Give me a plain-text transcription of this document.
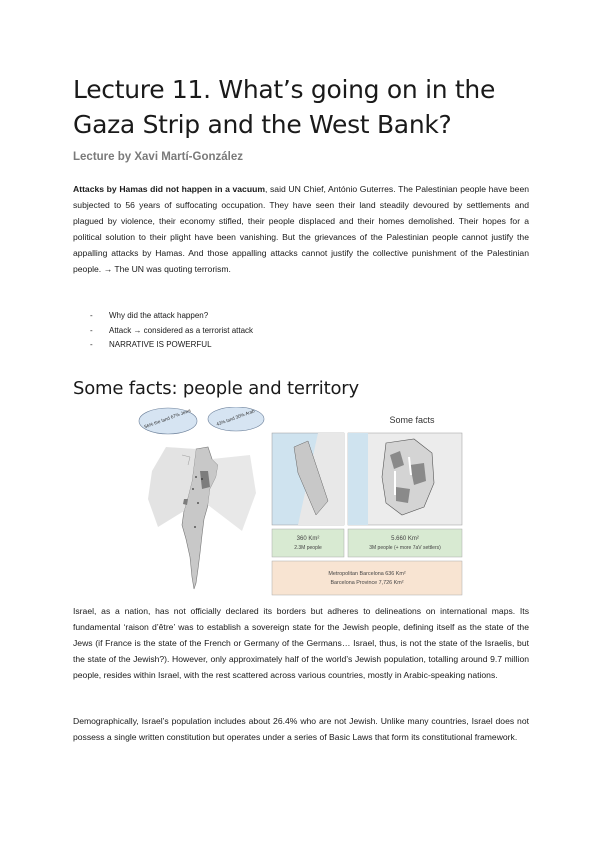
Lecture 11. What’s going on in the Gaza Strip and the West Bank?
Lecture by Xavi Martí-González

Attacks by Hamas did not happen in a vacuum, said UN Chief, António Guterres. The Palestinian people have been subjected to 56 years of suffocating occupation. They have seen their land steadily devoured by settlements and plagued by violence, their economy stifled, their people displaced and their homes demolished. Their hopes for a political solution to their plight have been vanishing. But the grievances of the Palestinian people cannot justify the appalling attacks by Hamas. And those appalling attacks cannot justify the collective punishment of the Palestinian people. → The UN was quoting terrorism.

- Why did the attack happen?
- Attack → considered as a terrorist attack
- NARRATIVE IS POWERFUL
Some facts: people and territory
56% the land 67% Jews	43% land 30% Arab	Some facts
360 Km²
2.3M people
5.660 Km²
3M people (+ more 7aV settlers)
Metropolitan Barcelona 636 Km²
Barcelona Province 7,726 Km²

Israel, as a nation, has not officially declared its borders but adheres to delineations on international maps. Its fundamental ‘raison d’être’ was to establish a sovereign state for the Jewish people, defining itself as the state of the Jews (if France is the state of the French or Germany of the Germans… Israel, thus, is not the state of the Israelis, but the state of the Jewish?). However, only approximately half of the world’s Jewish population, totalling around 9.7 million people, resides within Israel, with the rest scattered across various countries, mostly in Arabic-speaking nations.

Demographically, Israel’s population includes about 26.4% who are not Jewish. Unlike many countries, Israel does not possess a single written constitution but operates under a series of Basic Laws that form its constitutional framework.
